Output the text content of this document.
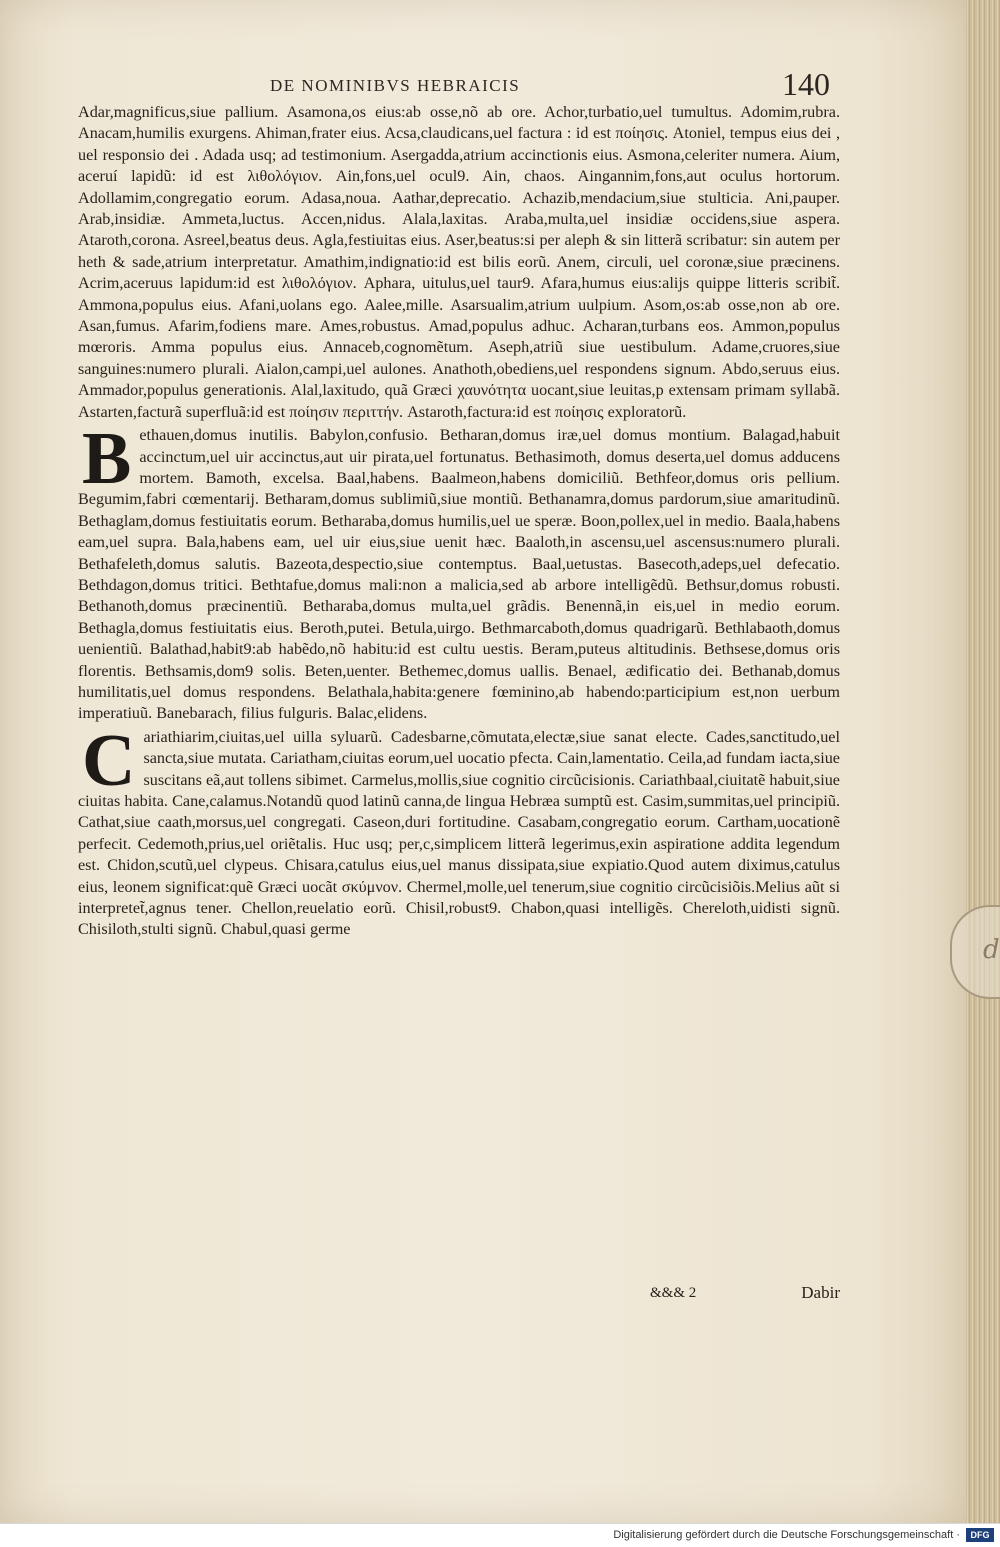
d
DE NOMINIBVS HEBRAICIS	140

Adar,magnificus,siue pallium. Asamona,os eius:ab osse,nõ ab ore. Achor,turbatio,uel tumultus. Adomim,rubra. Anacam,humilis exurgens. Ahiman,frater eius. Acsa,claudicans,uel factura : id est ποίησις. Atoniel, tempus eius dei , uel responsio dei . Adada usq; ad testimonium. Asergadda,atrium accinctionis eius. Asmona,celeriter numera. Aium, aceruí lapidũ: id est λιθολόγιον. Ain,fons,uel ocul9. Ain, chaos. Aingannim,fons,aut oculus hortorum. Adollamim,congregatio eorum. Adasa,noua. Aathar,deprecatio. Achazib,mendacium,siue stulticia. Ani,pauper. Arab,insidiæ. Ammeta,luctus. Accen,nidus. Alala,laxitas. Araba,multa,uel insidiæ occidens,siue aspera. Ataroth,corona. Asreel,beatus deus. Agla,festiuitas eius. Aser,beatus:si per aleph & sin litterã scribatur: sin autem per heth & sade,atrium interpretatur. Amathim,indignatio:id est bilis eorũ. Anem, circuli, uel coronæ,siue præcinens. Acrim,aceruus lapidum:id est λιθολόγιον. Aphara, uitulus,uel taur9. Afara,humus eius:alijs quippe litteris scribit̃. Ammona,populus eius. Afani,uolans ego. Aalee,mille. Asarsualim,atrium uulpium. Asom,os:ab osse,non ab ore. Asan,fumus. Afarim,fodiens mare. Ames,robustus. Amad,populus adhuc. Acharan,turbans eos. Ammon,populus mœroris. Amma populus eius. Annaceb,cognomẽtum. Aseph,atriũ siue uestibulum. Adame,cruores,siue sanguines:numero plurali. Aialon,campi,uel aulones. Anathoth,obediens,uel respondens signum. Abdo,seruus eius. Ammador,populus generationis. Alal,laxitudo, quã Græci χαυνότητα uocant,siue leuitas,p extensam primam syllabã. Astarten,facturã superfluã:id est ποίησιν περιττήν. Astaroth,factura:id est ποίησις exploratorũ.

Bethauen,domus inutilis. Babylon,confusio. Betharan,domus iræ,uel domus montium. Balagad,habuit accinctum,uel uir accinctus,aut uir pirata,uel fortunatus. Bethasimoth, domus deserta,uel domus adducens mortem. Bamoth, excelsa. Baal,habens. Baalmeon,habens domiciliũ. Bethfeor,domus oris pellium. Begumim,fabri cœmentarij. Betharam,domus sublimiũ,siue montiũ. Bethanamra,domus pardorum,siue amaritudinũ. Bethaglam,domus festiuitatis eorum. Betharaba,domus humilis,uel ue speræ. Boon,pollex,uel in medio. Baala,habens eam,uel supra. Bala,habens eam, uel uir eius,siue uenit hæc. Baaloth,in ascensu,uel ascensus:numero plurali. Bethafeleth,domus salutis. Bazeota,despectio,siue contemptus. Baal,uetustas. Basecoth,adeps,uel defecatio. Bethdagon,domus tritici. Bethtafue,domus mali:non a malicia,sed ab arbore intelligẽdũ. Bethsur,domus robusti. Bethanoth,domus præcinentiũ. Betharaba,domus multa,uel grãdis. Benennã,in eis,uel in medio eorum. Bethagla,domus festiuitatis eius. Beroth,putei. Betula,uirgo. Bethmarcaboth,domus quadrigarũ. Bethlabaoth,domus uenientiũ. Balathad,habit9:ab habẽdo,nõ habitu:id est cultu uestis. Beram,puteus altitudinis. Bethsese,domus oris florentis. Bethsamis,dom9 solis. Beten,uenter. Bethemec,domus uallis. Benael, ædificatio dei. Bethanab,domus humilitatis,uel domus respondens. Belathala,habita:genere fœminino,ab habendo:participium est,non uerbum imperatiuũ. Banebarach, filius fulguris. Balac,elidens.

Cariathiarim,ciuitas,uel uilla syluarũ. Cadesbarne,cõmutata,electæ,siue sanat electe. Cades,sanctitudo,uel sancta,siue mutata. Cariatham,ciuitas eorum,uel uocatio pfecta. Cain,lamentatio. Ceila,ad fundam iacta,siue suscitans eã,aut tollens sibimet. Carmelus,mollis,siue cognitio circũcisionis. Cariathbaal,ciuitatẽ habuit,siue ciuitas habita. Cane,calamus.Notandũ quod latinũ canna,de lingua Hebræa sumptũ est. Casim,summitas,uel principiũ. Cathat,siue caath,morsus,uel congregati. Caseon,duri fortitudine. Casabam,congregatio eorum. Cartham,uocationẽ perfecit. Cedemoth,prius,uel oriẽtalis. Huc usq; per,c,simplicem litterã legerimus,exin aspiratione addita legendum est. Chidon,scutũ,uel clypeus. Chisara,catulus eius,uel manus dissipata,siue expiatio.Quod autem diximus,catulus eius, leonem significat:quẽ Græci uocãt σκύμνον. Chermel,molle,uel tenerum,siue cognitio circũcisiõis.Melius aũt si interpretet̃,agnus tener. Chellon,reuelatio eorũ. Chisil,robust9. Chabon,quasi intelligẽs. Chereloth,uidisti signũ. Chisiloth,stulti signũ. Chabul,quasi germe

&&& 2	Dabir
Digitalisierung gefördert durch die Deutsche Forschungsgemeinschaft ·	DFG
